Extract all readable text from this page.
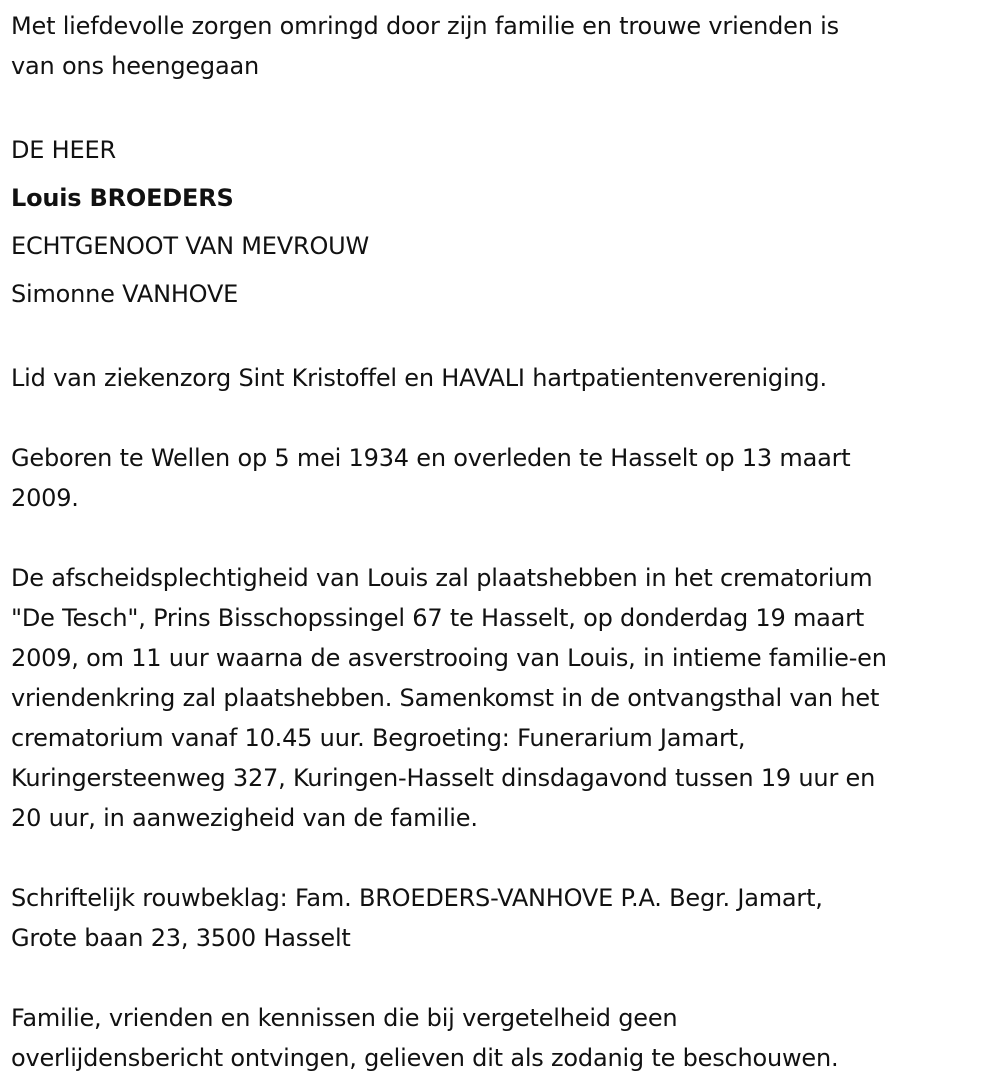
Met liefdevolle zorgen omringd door zijn familie en trouwe vrienden is
van ons heengegaan

DE HEER
Louis BROEDERS
ECHTGENOOT VAN MEVROUW
Simonne VANHOVE

Lid van ziekenzorg Sint Kristoffel en HAVALI hartpatientenvereniging.

Geboren te Wellen op 5 mei 1934 en overleden te Hasselt op 13 maart
2009.

De afscheidsplechtigheid van Louis zal plaatshebben in het crematorium
"De Tesch", Prins Bisschopssingel 67 te Hasselt, op donderdag 19 maart
2009, om 11 uur waarna de asverstrooing van Louis, in intieme familie-en
vriendenkring zal plaatshebben. Samenkomst in de ontvangsthal van het
crematorium vanaf 10.45 uur. Begroeting: Funerarium Jamart,
Kuringersteenweg 327, Kuringen-Hasselt dinsdagavond tussen 19 uur en
20 uur, in aanwezigheid van de familie.

Schriftelijk rouwbeklag: Fam. BROEDERS-VANHOVE P.A. Begr. Jamart,
Grote baan 23, 3500 Hasselt

Familie, vrienden en kennissen die bij vergetelheid geen
overlijdensbericht ontvingen, gelieven dit als zodanig te beschouwen.
